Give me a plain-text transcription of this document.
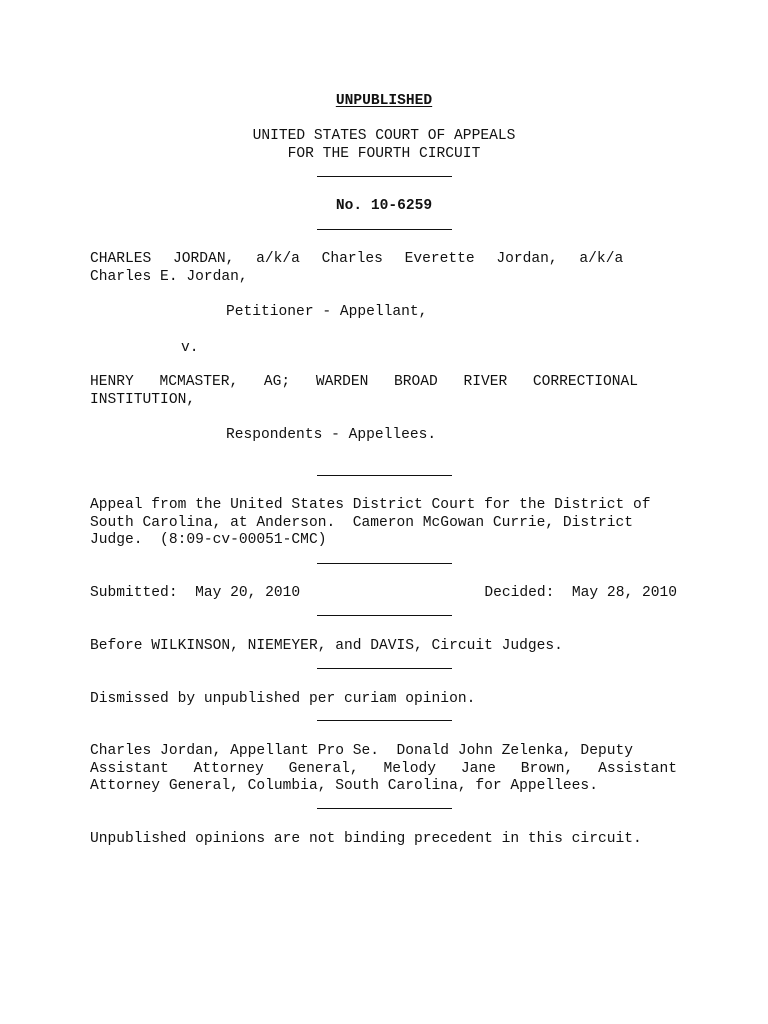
UNPUBLISHED
UNITED STATES COURT OF APPEALS
FOR THE FOURTH CIRCUIT
No. 10-6259
CHARLES JORDAN, a/k/a Charles Everette Jordan, a/k/a
Charles E. Jordan,
Petitioner - Appellant,
v.
HENRY MCMASTER, AG; WARDEN BROAD RIVER CORRECTIONAL
INSTITUTION,
Respondents - Appellees.
Appeal from the United States District Court for the District of
South Carolina, at Anderson.  Cameron McGowan Currie, District
Judge.  (8:09-cv-00051-CMC)
Submitted:  May 20, 2010	Decided:  May 28, 2010
Before WILKINSON, NIEMEYER, and DAVIS, Circuit Judges.
Dismissed by unpublished per curiam opinion.
Charles Jordan, Appellant Pro Se.  Donald John Zelenka, Deputy
Assistant Attorney General, Melody Jane Brown, Assistant
Attorney General, Columbia, South Carolina, for Appellees.
Unpublished opinions are not binding precedent in this circuit.
